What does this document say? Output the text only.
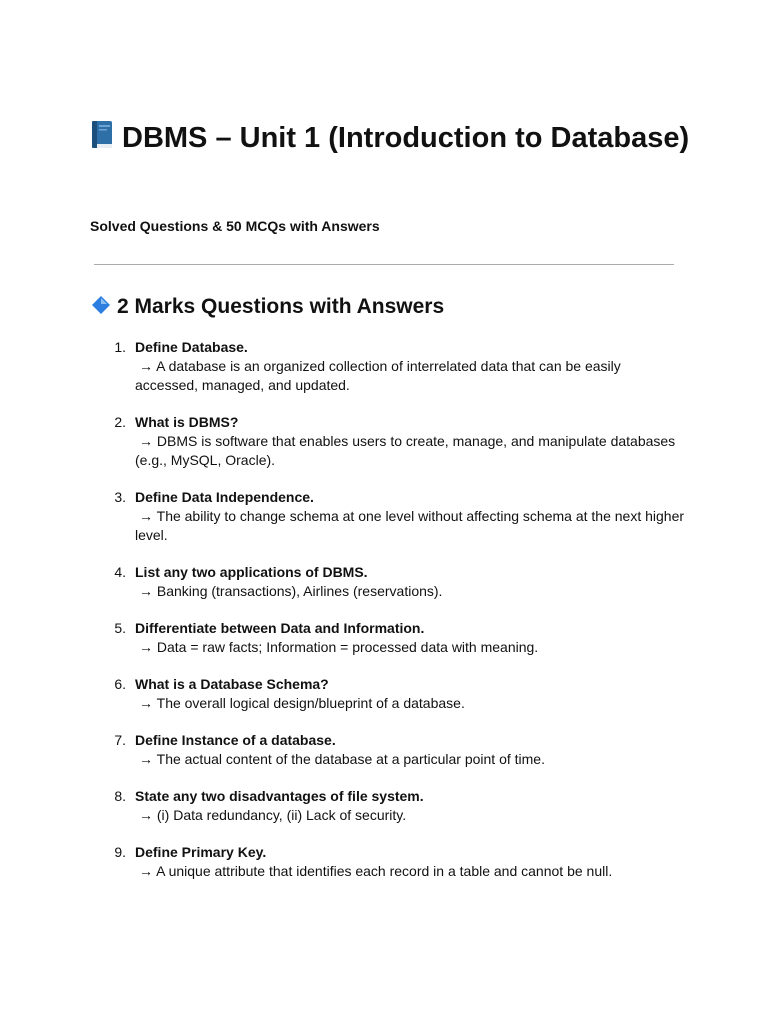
DBMS – Unit 1 (Introduction to Database)

Solved Questions & 50 MCQs with Answers

2 Marks Questions with Answers
1. Define Database.
→ A database is an organized collection of interrelated data that can be easily accessed, managed, and updated.
2. What is DBMS?
→ DBMS is software that enables users to create, manage, and manipulate databases (e.g., MySQL, Oracle).
3. Define Data Independence.
→ The ability to change schema at one level without affecting schema at the next higher level.
4. List any two applications of DBMS.
→ Banking (transactions), Airlines (reservations).
5. Differentiate between Data and Information.
→ Data = raw facts; Information = processed data with meaning.
6. What is a Database Schema?
→ The overall logical design/blueprint of a database.
7. Define Instance of a database.
→ The actual content of the database at a particular point of time.
8. State any two disadvantages of file system.
→ (i) Data redundancy, (ii) Lack of security.
9. Define Primary Key.
→ A unique attribute that identifies each record in a table and cannot be null.
